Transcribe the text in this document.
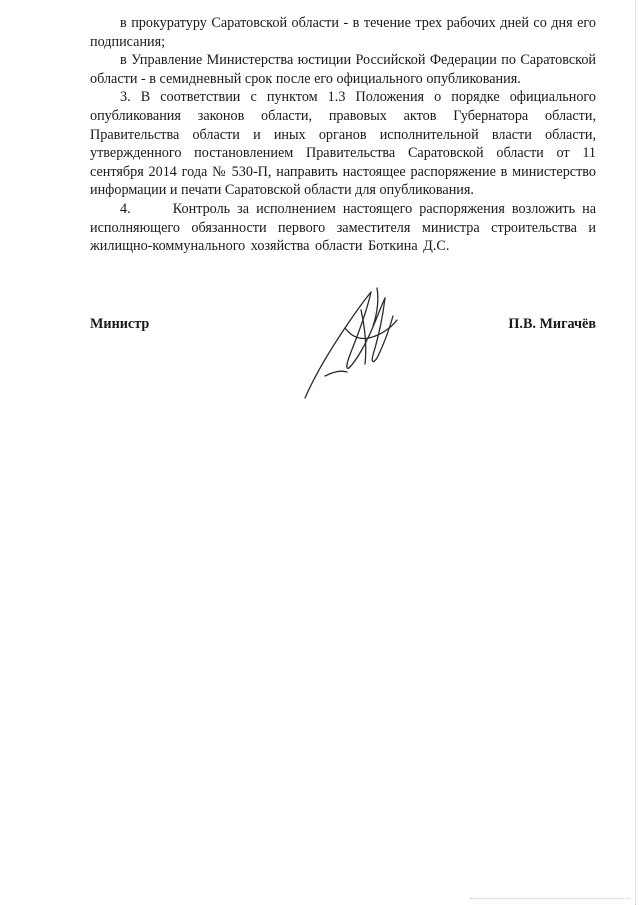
в прокуратуру Саратовской области - в течение трех рабочих дней со дня его подписания;

в Управление Министерства юстиции Российской Федерации по Саратовской области - в семидневный срок после его официального опубликования.

3. В соответствии с пунктом 1.3 Положения о порядке официального опубликования законов области, правовых актов Губернатора области, Правительства области и иных органов исполнительной власти области, утвержденного постановлением Правительства Саратовской области от 11 сентября 2014 года № 530-П, направить настоящее распоряжение в министерство информации и печати Саратовской области для опубликования.

4.      Контроль за исполнением настоящего распоряжения возложить на исполняющего обязанности первого заместителя министра строительства и жилищно-коммунального хозяйства области Боткина Д.С.

Министр	П.В. Мигачёв
